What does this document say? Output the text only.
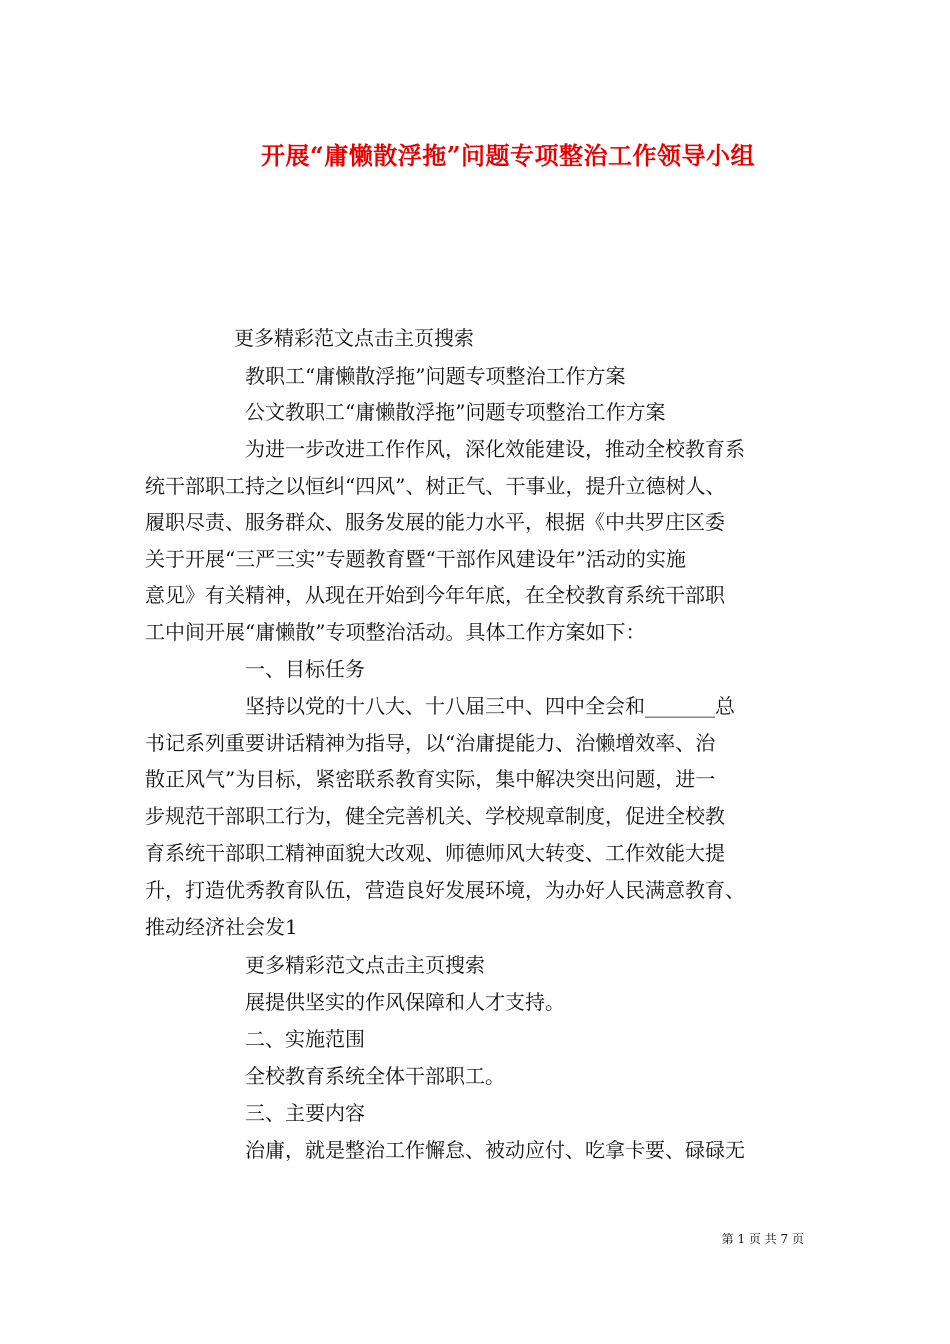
开展“庸懒散浮拖”问题专项整治工作领导小组
更多精彩范文点击主页搜索
教职工“庸懒散浮拖”问题专项整治工作方案
公文教职工“庸懒散浮拖”问题专项整治工作方案
为进一步改进工作作风，深化效能建设，推动全校教育系
统干部职工持之以恒纠“四风”、树正气、干事业，提升立德树人、
履职尽责、服务群众、服务发展的能力水平，根据《中共罗庄区委
关于开展“三严三实”专题教育暨“干部作风建设年”活动的实施
意见》有关精神，从现在开始到今年年底，在全校教育系统干部职
工中间开展“庸懒散”专项整治活动。具体工作方案如下：
一、目标任务
坚持以党的十八大、十八届三中、四中全会和_______总
书记系列重要讲话精神为指导，以“治庸提能力、治懒增效率、治
散正风气”为目标，紧密联系教育实际，集中解决突出问题，进一
步规范干部职工行为，健全完善机关、学校规章制度，促进全校教
育系统干部职工精神面貌大改观、师德师风大转变、工作效能大提
升，打造优秀教育队伍，营造良好发展环境，为办好人民满意教育、
推动经济社会发1
更多精彩范文点击主页搜索
展提供坚实的作风保障和人才支持。
二、实施范围
全校教育系统全体干部职工。
三、主要内容
治庸，就是整治工作懈怠、被动应付、吃拿卡要、碌碌无
第 1 页 共 7 页
